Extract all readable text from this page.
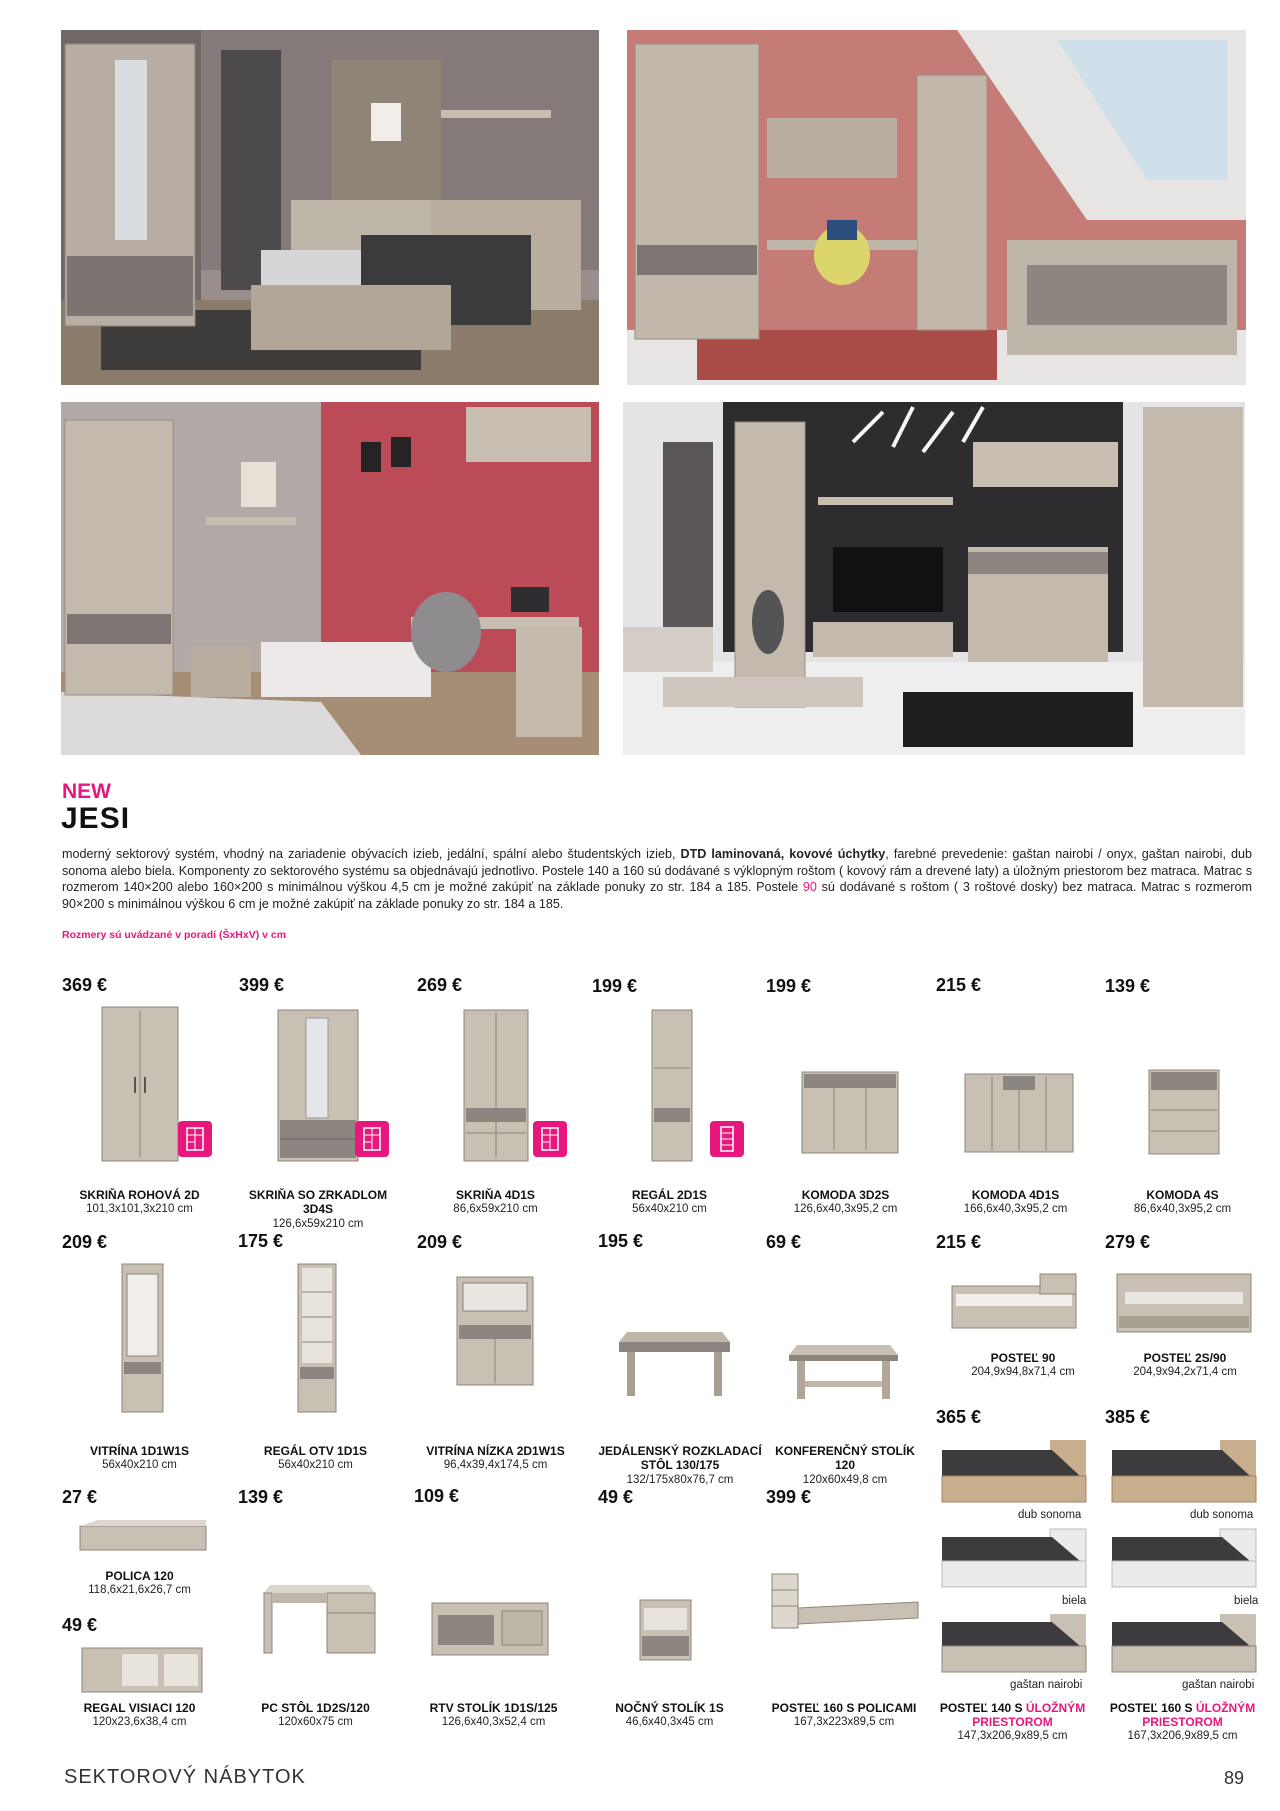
NEW
JESI
moderný sektorový systém, vhodný na zariadenie obývacích izieb, jedální, spální alebo študentských izieb, DTD laminovaná, kovové úchytky, farebné prevedenie: gaštan nairobi / onyx, gaštan nairobi, dub sonoma alebo biela. Komponenty zo sektorového systému sa objednávajú jednotlivo. Postele 140 a 160 sú dodávané s výklopným roštom ( kovový rám a drevené laty) a úložným priestorom bez matraca. Matrac s rozmerom 140×200 alebo 160×200 s minimálnou výškou 4,5 cm je možné zakúpiť na základe ponuky zo str. 184 a 185. Postele 90 sú dodávané s roštom ( 3 roštové dosky) bez matraca. Matrac s rozmerom 90×200 s minimálnou výškou 6 cm je možné zakúpiť na základe ponuky zo str. 184 a 185.
Rozmery sú uvádzané v poradí (ŠxHxV) v cm
369 €	399 €	269 €	199 €	199 €	215 €	139 €
SKRIŇA ROHOVÁ 2D
101,3x101,3x210 cm
SKRIŇA SO ZRKADLOM 3D4S
126,6x59x210 cm
SKRIŇA 4D1S
86,6x59x210 cm
REGÁL 2D1S
56x40x210 cm
KOMODA 3D2S
126,6x40,3x95,2 cm
KOMODA 4D1S
166,6x40,3x95,2 cm
KOMODA 4S
86,6x40,3x95,2 cm
209 €	175 €	209 €	195 €	69 €	215 €	279 €
POSTEĽ 90
204,9x94,8x71,4 cm
POSTEĽ 2S/90
204,9x94,2x71,4 cm
365 €	385 €
VITRÍNA 1D1W1S
56x40x210 cm
REGÁL OTV 1D1S
56x40x210 cm
VITRÍNA NÍZKA 2D1W1S
96,4x39,4x174,5 cm
JEDÁLENSKÝ ROZKLADACÍ STÔL 130/175
132/175x80x76,7 cm
KONFERENČNÝ STOLÍK 120
120x60x49,8 cm
27 €	139 €	109 €	49 €	399 €
POLICA 120
118,6x21,6x26,7 cm
49 €
dub sonoma	dub sonoma
biela	biela
gaštan nairobi	gaštan nairobi
REGAL VISIACI 120
120x23,6x38,4 cm
PC STÔL 1D2S/120
120x60x75 cm
RTV STOLÍK 1D1S/125
126,6x40,3x52,4 cm
NOČNÝ STOLÍK 1S
46,6x40,3x45 cm
POSTEĽ 160 S POLICAMI
167,3x223x89,5 cm
POSTEĽ 140 S ÚLOŽNÝM PRIESTOROM
147,3x206,9x89,5 cm
POSTEĽ 160 S ÚLOŽNÝM PRIESTOROM
167,3x206,9x89,5 cm
SEKTOROVÝ NÁBYTOK	89
